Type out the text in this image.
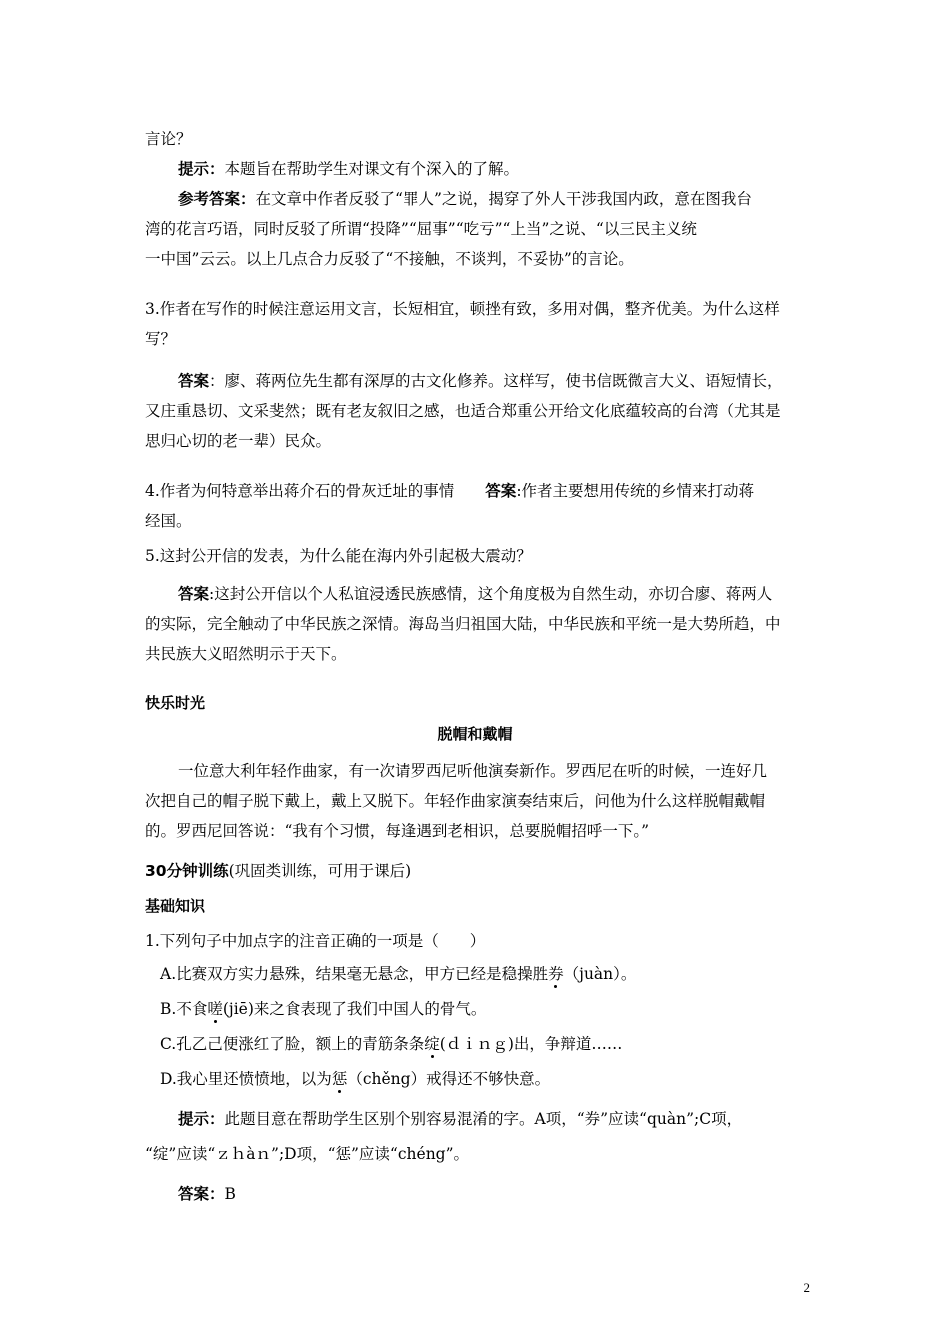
言论？
提示：本题旨在帮助学生对课文有个深入的了解。
参考答案：在文章中作者反驳了“罪人”之说，揭穿了外人干涉我国内政，意在图我台
湾的花言巧语，同时反驳了所谓“投降”“屈事”“吃亏”“上当”之说、“以三民主义统
一中国”云云。以上几点合力反驳了“不接触，不谈判，不妥协”的言论。
3.作者在写作的时候注意运用文言，长短相宜，顿挫有致，多用对偶，整齐优美。为什么这样
写？
答案：廖、蒋两位先生都有深厚的古文化修养。这样写，使书信既微言大义、语短情长，
又庄重恳切、文采斐然；既有老友叙旧之感，也适合郑重公开给文化底蕴较高的台湾（尤其是
思归心切的老一辈）民众。
4.作者为何特意举出蒋介石的骨灰迁址的事情　　答案:作者主要想用传统的乡情来打动蒋
经国。
5.这封公开信的发表，为什么能在海内外引起极大震动？
答案:这封公开信以个人私谊浸透民族感情，这个角度极为自然生动，亦切合廖、蒋两人
的实际，完全触动了中华民族之深情。海岛当归祖国大陆，中华民族和平统一是大势所趋，中
共民族大义昭然明示于天下。
快乐时光
脱帽和戴帽
一位意大利年轻作曲家，有一次请罗西尼听他演奏新作。罗西尼在听的时候，一连好几
次把自己的帽子脱下戴上，戴上又脱下。年轻作曲家演奏结束后，问他为什么这样脱帽戴帽
的。罗西尼回答说：“我有个习惯，每逢遇到老相识，总要脱帽招呼一下。”
30分钟训练(巩固类训练，可用于课后)
基础知识
1.下列句子中加点字的注音正确的一项是（　　）
A.比赛双方实力悬殊，结果毫无悬念，甲方已经是稳操胜券（juàn）。
B.不食嗟(jiē)来之食表现了我们中国人的骨气。
C.孔乙己便涨红了脸，额上的青筋条条绽(ｄｉｎｇ)出，争辩道……
D.我心里还愤愤地，以为惩（chěng）戒得还不够快意。
提示：此题目意在帮助学生区别个别容易混淆的字。A项，“券”应读“quàn”;C项，
“绽”应读“ｚｈàｎ”;D项，“惩”应读“chéng”。
答案：B
2
